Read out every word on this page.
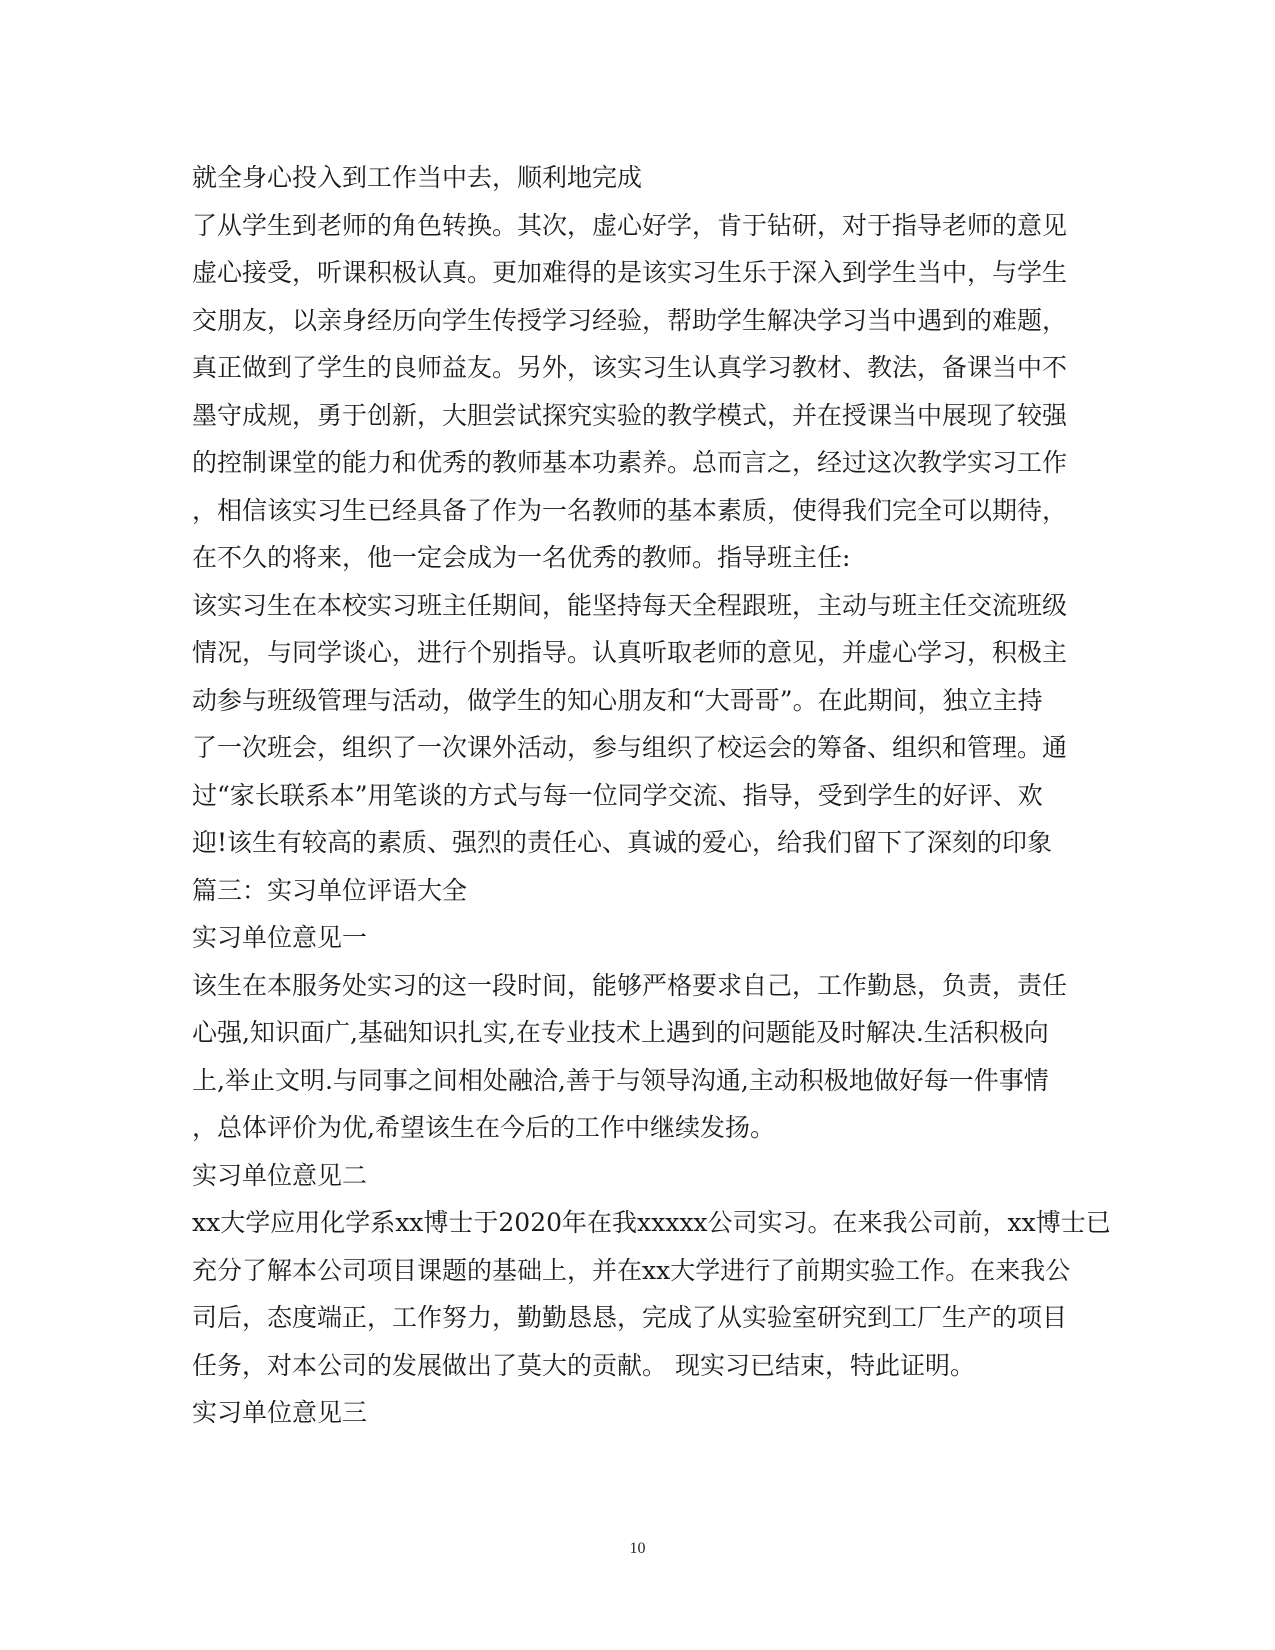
就全身心投入到工作当中去，顺利地完成
了从学生到老师的角色转换。其次，虚心好学，肯于钻研，对于指导老师的意见
虚心接受，听课积极认真。更加难得的是该实习生乐于深入到学生当中，与学生
交朋友，以亲身经历向学生传授学习经验，帮助学生解决学习当中遇到的难题，
真正做到了学生的良师益友。另外，该实习生认真学习教材、教法，备课当中不
墨守成规，勇于创新，大胆尝试探究实验的教学模式，并在授课当中展现了较强
的控制课堂的能力和优秀的教师基本功素养。总而言之，经过这次教学实习工作
，相信该实习生已经具备了作为一名教师的基本素质，使得我们完全可以期待，
在不久的将来，他一定会成为一名优秀的教师。指导班主任:
该实习生在本校实习班主任期间，能坚持每天全程跟班，主动与班主任交流班级
情况，与同学谈心，进行个别指导。认真听取老师的意见，并虚心学习，积极主
动参与班级管理与活动，做学生的知心朋友和“大哥哥”。在此期间，独立主持
了一次班会，组织了一次课外活动，参与组织了校运会的筹备、组织和管理。通
过“家长联系本”用笔谈的方式与每一位同学交流、指导，受到学生的好评、欢
迎!该生有较高的素质、强烈的责任心、真诚的爱心，给我们留下了深刻的印象
篇三：实习单位评语大全
实习单位意见一
该生在本服务处实习的这一段时间，能够严格要求自己，工作勤恳，负责，责任
心强,知识面广,基础知识扎实,在专业技术上遇到的问题能及时解决.生活积极向
上,举止文明.与同事之间相处融洽,善于与领导沟通,主动积极地做好每一件事情
，总体评价为优,希望该生在今后的工作中继续发扬。
实习单位意见二
xx大学应用化学系xx博士于2020年在我xxxxx公司实习。在来我公司前，xx博士已
充分了解本公司项目课题的基础上，并在xx大学进行了前期实验工作。在来我公
司后，态度端正，工作努力，勤勤恳恳，完成了从实验室研究到工厂生产的项目
任务，对本公司的发展做出了莫大的贡献。 现实习已结束，特此证明。
实习单位意见三
10
